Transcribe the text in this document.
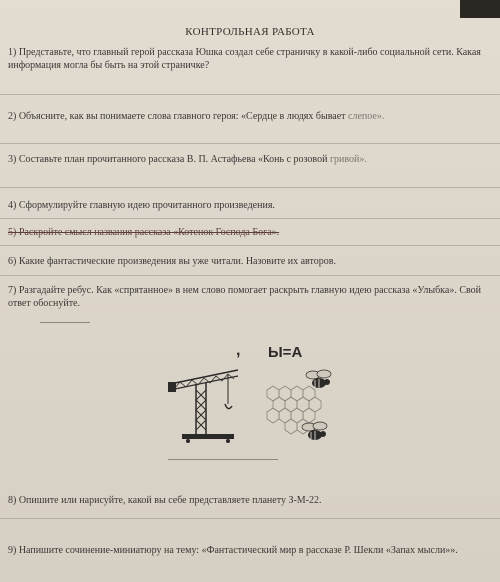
КОНТРОЛЬНАЯ РАБОТА
1) Представьте, что главный герой рассказа Юшка создал себе страничку в какой-либо социальной сети. Какая информация могла бы быть на этой страничке?
2) Объясните, как вы понимаете слова главного героя: «Сердце в людях бывает слепое».
3) Составьте план прочитанного рассказа В. П. Астафьева «Конь с розовой гривой».
4) Сформулируйте главную идею прочитанного произведения.
5) Раскройте смысл названия рассказа «Котенок Господа Бога».
6) Какие фантастические произведения вы уже читали. Назовите их авторов.
7) Разгадайте ребус. Как «спрятанное» в нем слово помогает раскрыть главную идею рассказа «Улыбка». Свой ответ обоснуйте.
, Ы=А
8) Опишите или нарисуйте, какой вы себе представляете планету З-М-22.
9) Напишите сочинение-миниатюру на тему: «Фантастический мир в рассказе Р. Шекли «Запах мысли»».
